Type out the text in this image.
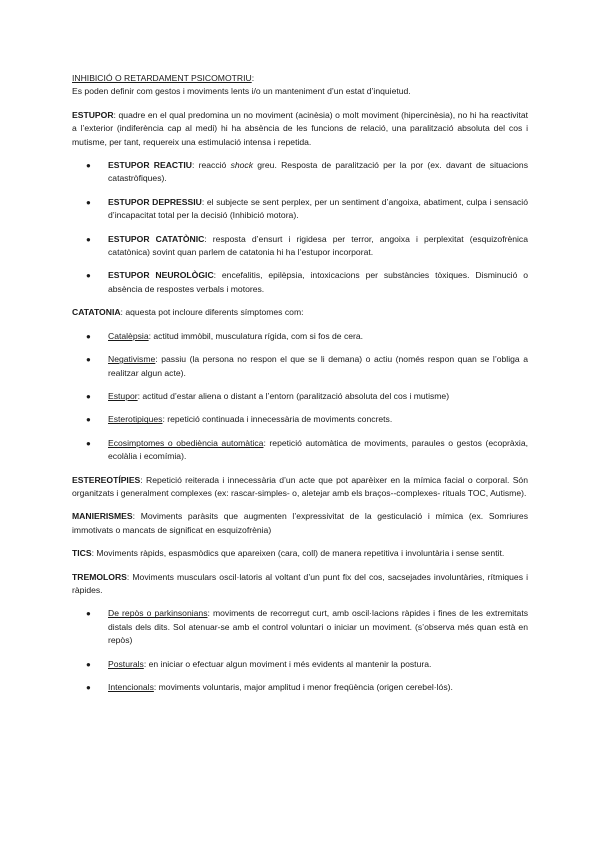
INHIBICIÓ O RETARDAMENT PSICOMOTRIU:

Es poden definir com gestos i moviments lents i/o un manteniment d’un estat d’inquietud.

ESTUPOR: quadre en el qual predomina un no moviment (acinèsia) o molt moviment (hipercinèsia), no hi ha reactivitat a l’exterior (indiferència cap al medi) hi ha absència de les funcions de relació, una paralització absoluta del cos i mutisme, per tant, requereix una estimulació intensa i repetida.

● ESTUPOR REACTIU: reacció shock greu. Resposta de paralització per la por (ex. davant de situacions catastròfiques).
● ESTUPOR DEPRESSIU: el subjecte se sent perplex, per un sentiment d’angoixa, abatiment, culpa i sensació d’incapacitat total per la decisió (Inhibició motora).
● ESTUPOR CATATÒNIC: resposta d’ensurt i rigidesa per terror, angoixa i perplexitat (esquizofrènica catatònica) sovint quan parlem de catatonia hi ha l’estupor incorporat.
● ESTUPOR NEUROLÒGIC: encefalitis, epilèpsia, intoxicacions per substàncies tòxiques. Disminució o absència de respostes verbals i motores.

CATATONIA: aquesta pot incloure diferents símptomes com:

● Catalèpsia: actitud immòbil, musculatura rígida, com si fos de cera.
● Negativisme: passiu (la persona no respon el que se li demana) o actiu (només respon quan se l’obliga a realitzar algun acte).
● Estupor: actitud d’estar aliena o distant a l’entorn (paralització absoluta del cos i mutisme)
● Esterotipiques: repetició continuada i innecessària de moviments concrets.
● Ecosimptomes o obediència automàtica: repetició automàtica de moviments, paraules o gestos (ecopràxia, ecolàlia i ecomímia).

ESTEREOTÍPIES: Repetició reiterada i innecessària d’un acte que pot aparèixer en la mímica facial o corporal. Són organitzats i generalment complexes (ex: rascar-simples- o, aletejar amb els braços--complexes- rituals TOC, Autisme).

MANIERISMES: Moviments paràsits que augmenten l’expressivitat de la gesticulació i mímica (ex. Somriures immotivats o mancats de significat en esquizofrènia)

TICS: Moviments ràpids, espasmòdics que apareixen (cara, coll) de manera repetitiva i involuntària i sense sentit.

TREMOLORS: Moviments musculars oscil·latoris al voltant d’un punt fix del cos, sacsejades involuntàries, rítmiques i ràpides.

● De repòs o parkinsonians: moviments de recorregut curt, amb oscil·lacions ràpides i fines de les extremitats distals dels dits. Sol atenuar-se amb el control voluntari o iniciar un moviment. (s’observa més quan està en repòs)
● Posturals: en iniciar o efectuar algun moviment i més evidents al mantenir la postura.
● Intencionals: moviments voluntaris, major amplitud i menor freqüència (origen cerebel·lós).
